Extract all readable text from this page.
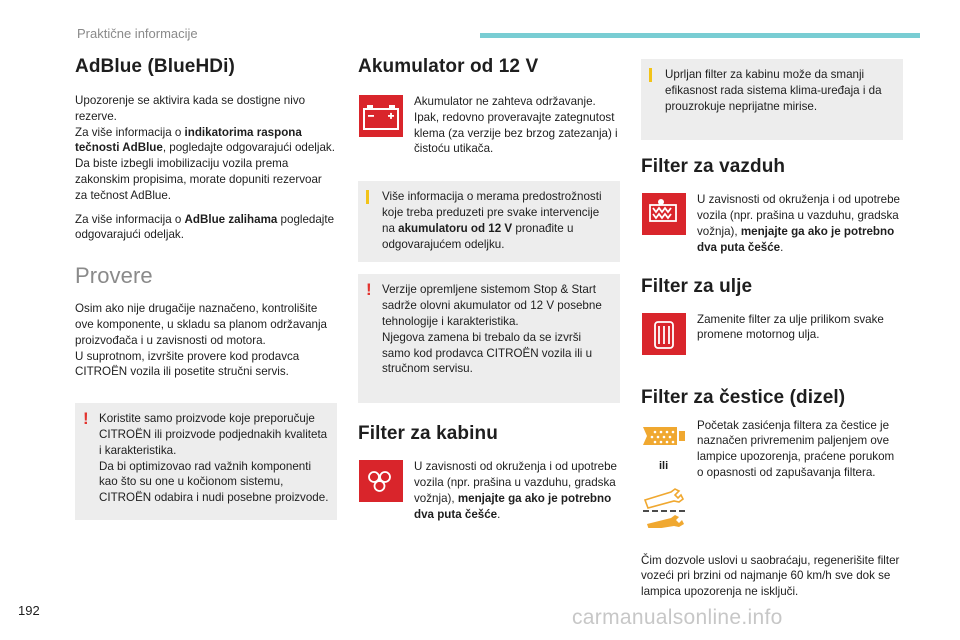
Praktične informacije
AdBlue (BlueHDi)

Upozorenje se aktivira kada se dostigne nivo rezerve.
Za više informacija o indikatorima raspona tečnosti AdBlue, pogledajte odgovarajući odeljak.
Da biste izbegli imobilizaciju vozila prema zakonskim propisima, morate dopuniti rezervoar za tečnost AdBlue.

Za više informacija o AdBlue zalihama pogledajte odgovarajući odeljak.

Provere

Osim ako nije drugačije naznačeno, kontrolišite ove komponente, u skladu sa planom održavanja proizvođača i u zavisnosti od motora.
U suprotnom, izvršite provere kod prodavca CITROËN vozila ili posetite stručni servis.

! Koristite samo proizvode koje preporučuje CITROËN ili proizvode podjednakih kvaliteta i karakteristika.
Da bi optimizovao rad važnih komponenti kao što su one u kočionom sistemu, CITROËN odabira i nudi posebne proizvode.

Akumulator od 12 V

Akumulator ne zahteva održavanje. Ipak, redovno proveravajte zategnutost klema (za verzije bez brzog zatezanja) i čistoću utikača.

Više informacija o merama predostrožnosti koje treba preduzeti pre svake intervencije na akumulatoru od 12 V pronađite u odgovarajućem odeljku.

! Verzije opremljene sistemom Stop & Start sadrže olovni akumulator od 12 V posebne tehnologije i karakteristika.
Njegova zamena bi trebalo da se izvrši samo kod prodavca CITROËN vozila ili u stručnom servisu.

Filter za kabinu

U zavisnosti od okruženja i od upotrebe vozila (npr. prašina u vazduhu, gradska vožnja), menjajte ga ako je potrebno dva puta češće.

Uprljan filter za kabinu može da smanji efikasnost rada sistema klima-uređaja i da prouzrokuje neprijatne mirise.

Filter za vazduh

U zavisnosti od okruženja i od upotrebe vozila (npr. prašina u vazduhu, gradska vožnja), menjajte ga ako je potrebno dva puta češće.

Filter za ulje

Zamenite filter za ulje prilikom svake promene motornog ulja.

Filter za čestice (dizel)
ili

Početak zasićenja filtera za čestice je naznačen privremenim paljenjem ove lampice upozorenja, praćene porukom o opasnosti od zapušavanja filtera.

Čim dozvole uslovi u saobraćaju, regenerišite filter vozeći pri brzini od najmanje 60 km/h sve dok se lampica upozorenja ne isključi.

192	carmanualsonline.info
